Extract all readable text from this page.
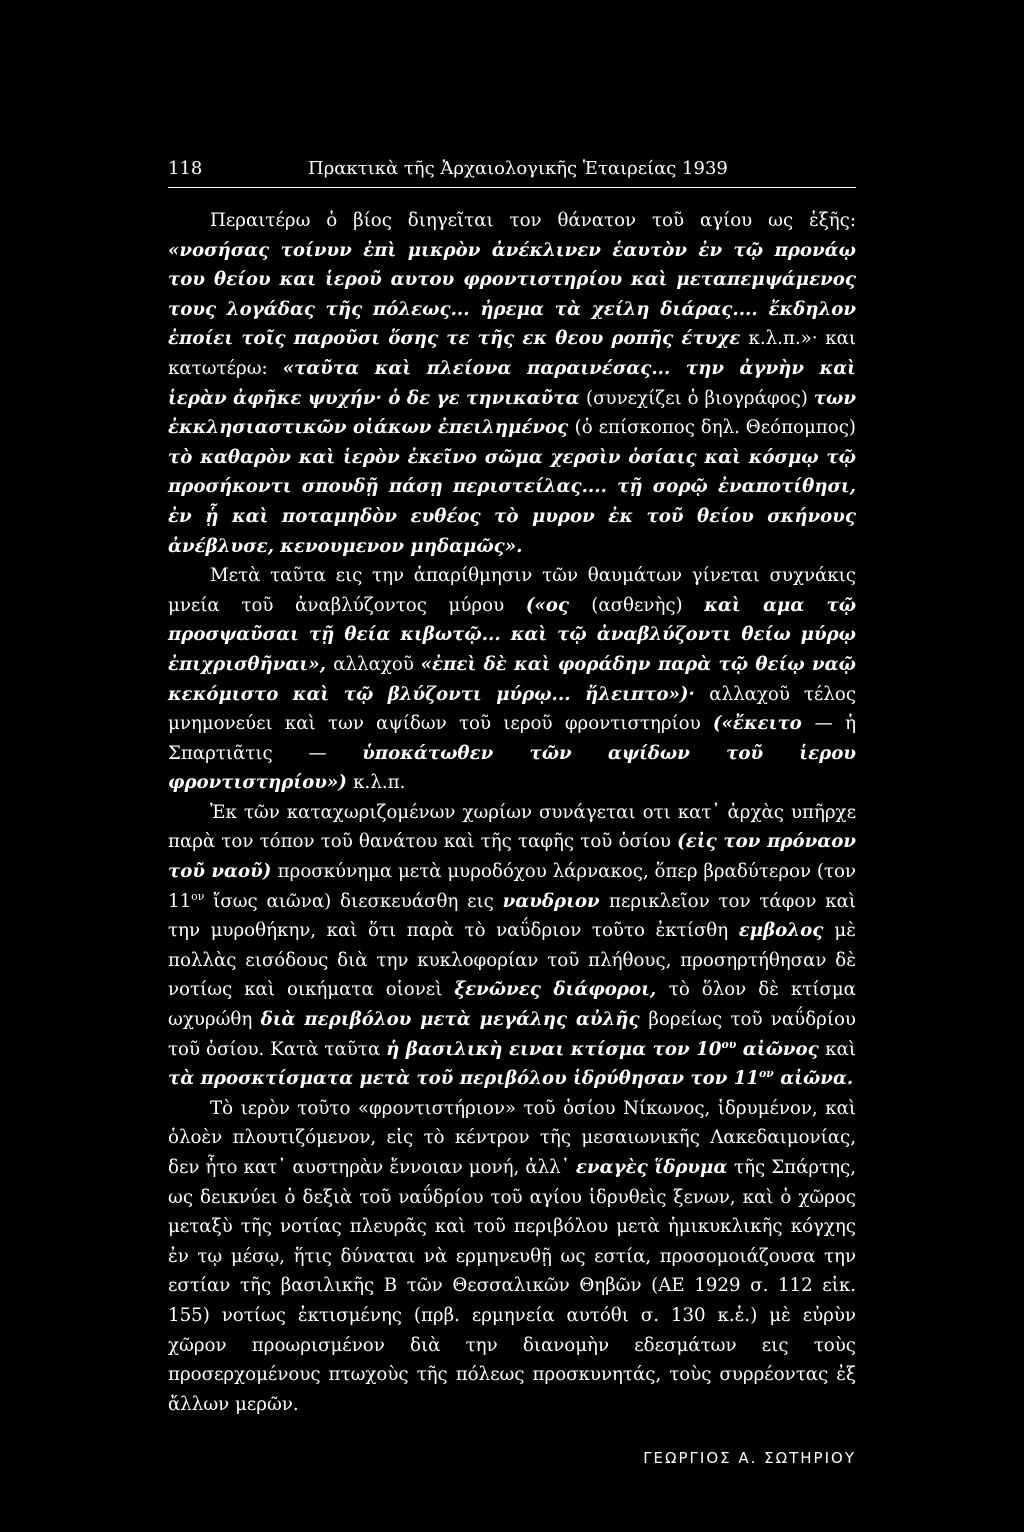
118	Πρακτικὰ τῆς Ἀρχαιολογικῆς Ἑταιρείας 1939

Περαιτέρω ὁ βίος διηγεῖται τον θάνατον τοῦ αγίου ως ἑξῆς: «νοσήσας τοίνυν ἐπὶ μικρὸν ἀνέκλινεν ἑαυτὸν ἐν τῷ προνάῳ του θείου και ἱεροῦ αυτου φροντιστηρίου καὶ μεταπεμψάμενος τους λογάδας τῆς πόλεως... ἠρεμα τὰ χείλη διάρας.... ἔκδηλον ἐποίει τοῖς παροῦσι ὅσης τε τῆς εκ θεου ροπῆς έτυχε κ.λ.π.»· και κατωτέρω: «ταῦτα καὶ πλείονα παραινέσας... την ἀγνὴν καὶ ἱερὰν ἀφῆκε ψυχήν· ὁ δε γε τηνικαῦτα (συνεχίζει ὁ βιογράφος) των ἐκκλησιαστικῶν οἰάκων ἐπειλημένος (ὁ επίσκοπος δηλ. Θεόπομπος) τὸ καθαρὸν καὶ ἱερὸν ἐκεῖνο σῶμα χερσὶν ὁσίαις καὶ κόσμῳ τῷ προσήκοντι σπουδῇ πάσῃ περιστείλας.... τῇ σορῷ ἐναποτίθησι, ἐν ᾗ καὶ ποταμηδὸν ευθέος τὸ μυρον ἐκ τοῦ θείου σκήνους ἀνέβλυσε, κενουμενον μηδαμῶς».

Μετὰ ταῦτα εις την ἀπαρίθμησιν τῶν θαυμάτων γίνεται συχνάκις μνεία τοῦ ἀναβλύζοντος μύρου («ος (ασθενὴς) καὶ αμα τῷ προσψαῦσαι τῇ θεία κιβωτῷ... καὶ τῷ ἀναβλύζοντι θείω μύρῳ ἐπιχρισθῆναι», αλλαχοῦ «ἐπεὶ δὲ καὶ φοράδην παρὰ τῷ θείῳ ναῷ κεκόμιστο καὶ τῷ βλύζοντι μύρῳ... ἤλειπτο»)· αλλαχοῦ τέλος μνημονεύει καὶ των αψίδων τοῦ ιεροῦ φροντιστηρίου («ἔκειτο — ἡ Σπαρτιᾶτις — ὑποκάτωθεν τῶν αψίδων τοῦ ἱερου φροντιστηρίου») κ.λ.π.

Ἐκ τῶν καταχωριζομένων χωρίων συνάγεται οτι κατ᾽ ἀρχὰς υπῆρχε παρὰ τον τόπον τοῦ θανάτου καὶ τῆς ταφῆς τοῦ ὁσίου (εἰς τον πρόναον τοῦ ναοῦ) προσκύνημα μετὰ μυροδόχου λάρνακος, ὅπερ βραδύτερον (τον $11^{o\nu}$ ἴσως αιῶνα) διεσκευάσθη εις ναυδριον περικλεῖον τον τάφον καὶ την μυροθήκην, καὶ ὅτι παρὰ τὸ ναΰδριον τοῦτο ἐκτίσθη εμβολος μὲ πολλὰς εισόδους διὰ την κυκλοφορίαν τοῦ πλήθους, προσηρτήθησαν δὲ νοτίως καὶ οικήματα οἱονεὶ ξενῶνες διάφοροι, τὸ ὅλον δὲ κτίσμα ωχυρώθη διὰ περιβόλου μετὰ μεγάλης αὐλῆς βορείως τοῦ ναΰδρίου τοῦ ὁσίου. Κατὰ ταῦτα ἡ βασιλικὴ ειναι κτίσμα τον $10^{o\upsilon}$ αἰῶνος καὶ τὰ προσκτίσματα μετὰ τοῦ περιβόλου ἱδρύθησαν τον $11^{o\nu}$ αἰῶνα.

Τὸ ιερὸν τοῦτο «φροντιστήριον» τοῦ ὁσίου Νίκωνος, ἱδρυμένον, καὶ ὁλοὲν πλουτιζόμενον, εἰς τὸ κέντρον τῆς μεσαιωνικῆς Λακεδαιμονίας, δεν ἦτο κατ᾽ αυστηρὰν ἔννοιαν μονή, ἀλλ᾽ εναγὲς ἵδρυμα τῆς Σπάρτης, ως δεικνύει ὁ δεξιὰ τοῦ ναΰδρίου τοῦ αγίου ἱδρυθεὶς ξενων, καὶ ὁ χῶρος μεταξὺ τῆς νοτίας πλευρᾶς καὶ τοῦ περιβόλου μετὰ ἡμικυκλικῆς κόγχης ἐν τῳ μέσῳ, ἥτις δύναται νὰ ερμηνευθῇ ως εστία, προσομοιάζουσα την εστίαν τῆς βασιλικῆς Β τῶν Θεσσαλικῶν Θηβῶν (ΑΕ 1929 σ. 112 εἰκ. 155) νοτίως ἐκτισμένης (πρβ. ερμηνεία αυτόθι σ. 130 κ.ἑ.) μὲ εὐρὺν χῶρον προωρισμένον διὰ την διανομὴν εδεσμάτων εις τοὺς προσερχομένους πτωχοὺς τῆς πόλεως προσκυνητάς, τοὺς συρρέοντας ἐξ ἄλλων μερῶν.

ΓΕΩΡΓΙΟΣ Α. ΣΩΤΗΡΙΟΥ
